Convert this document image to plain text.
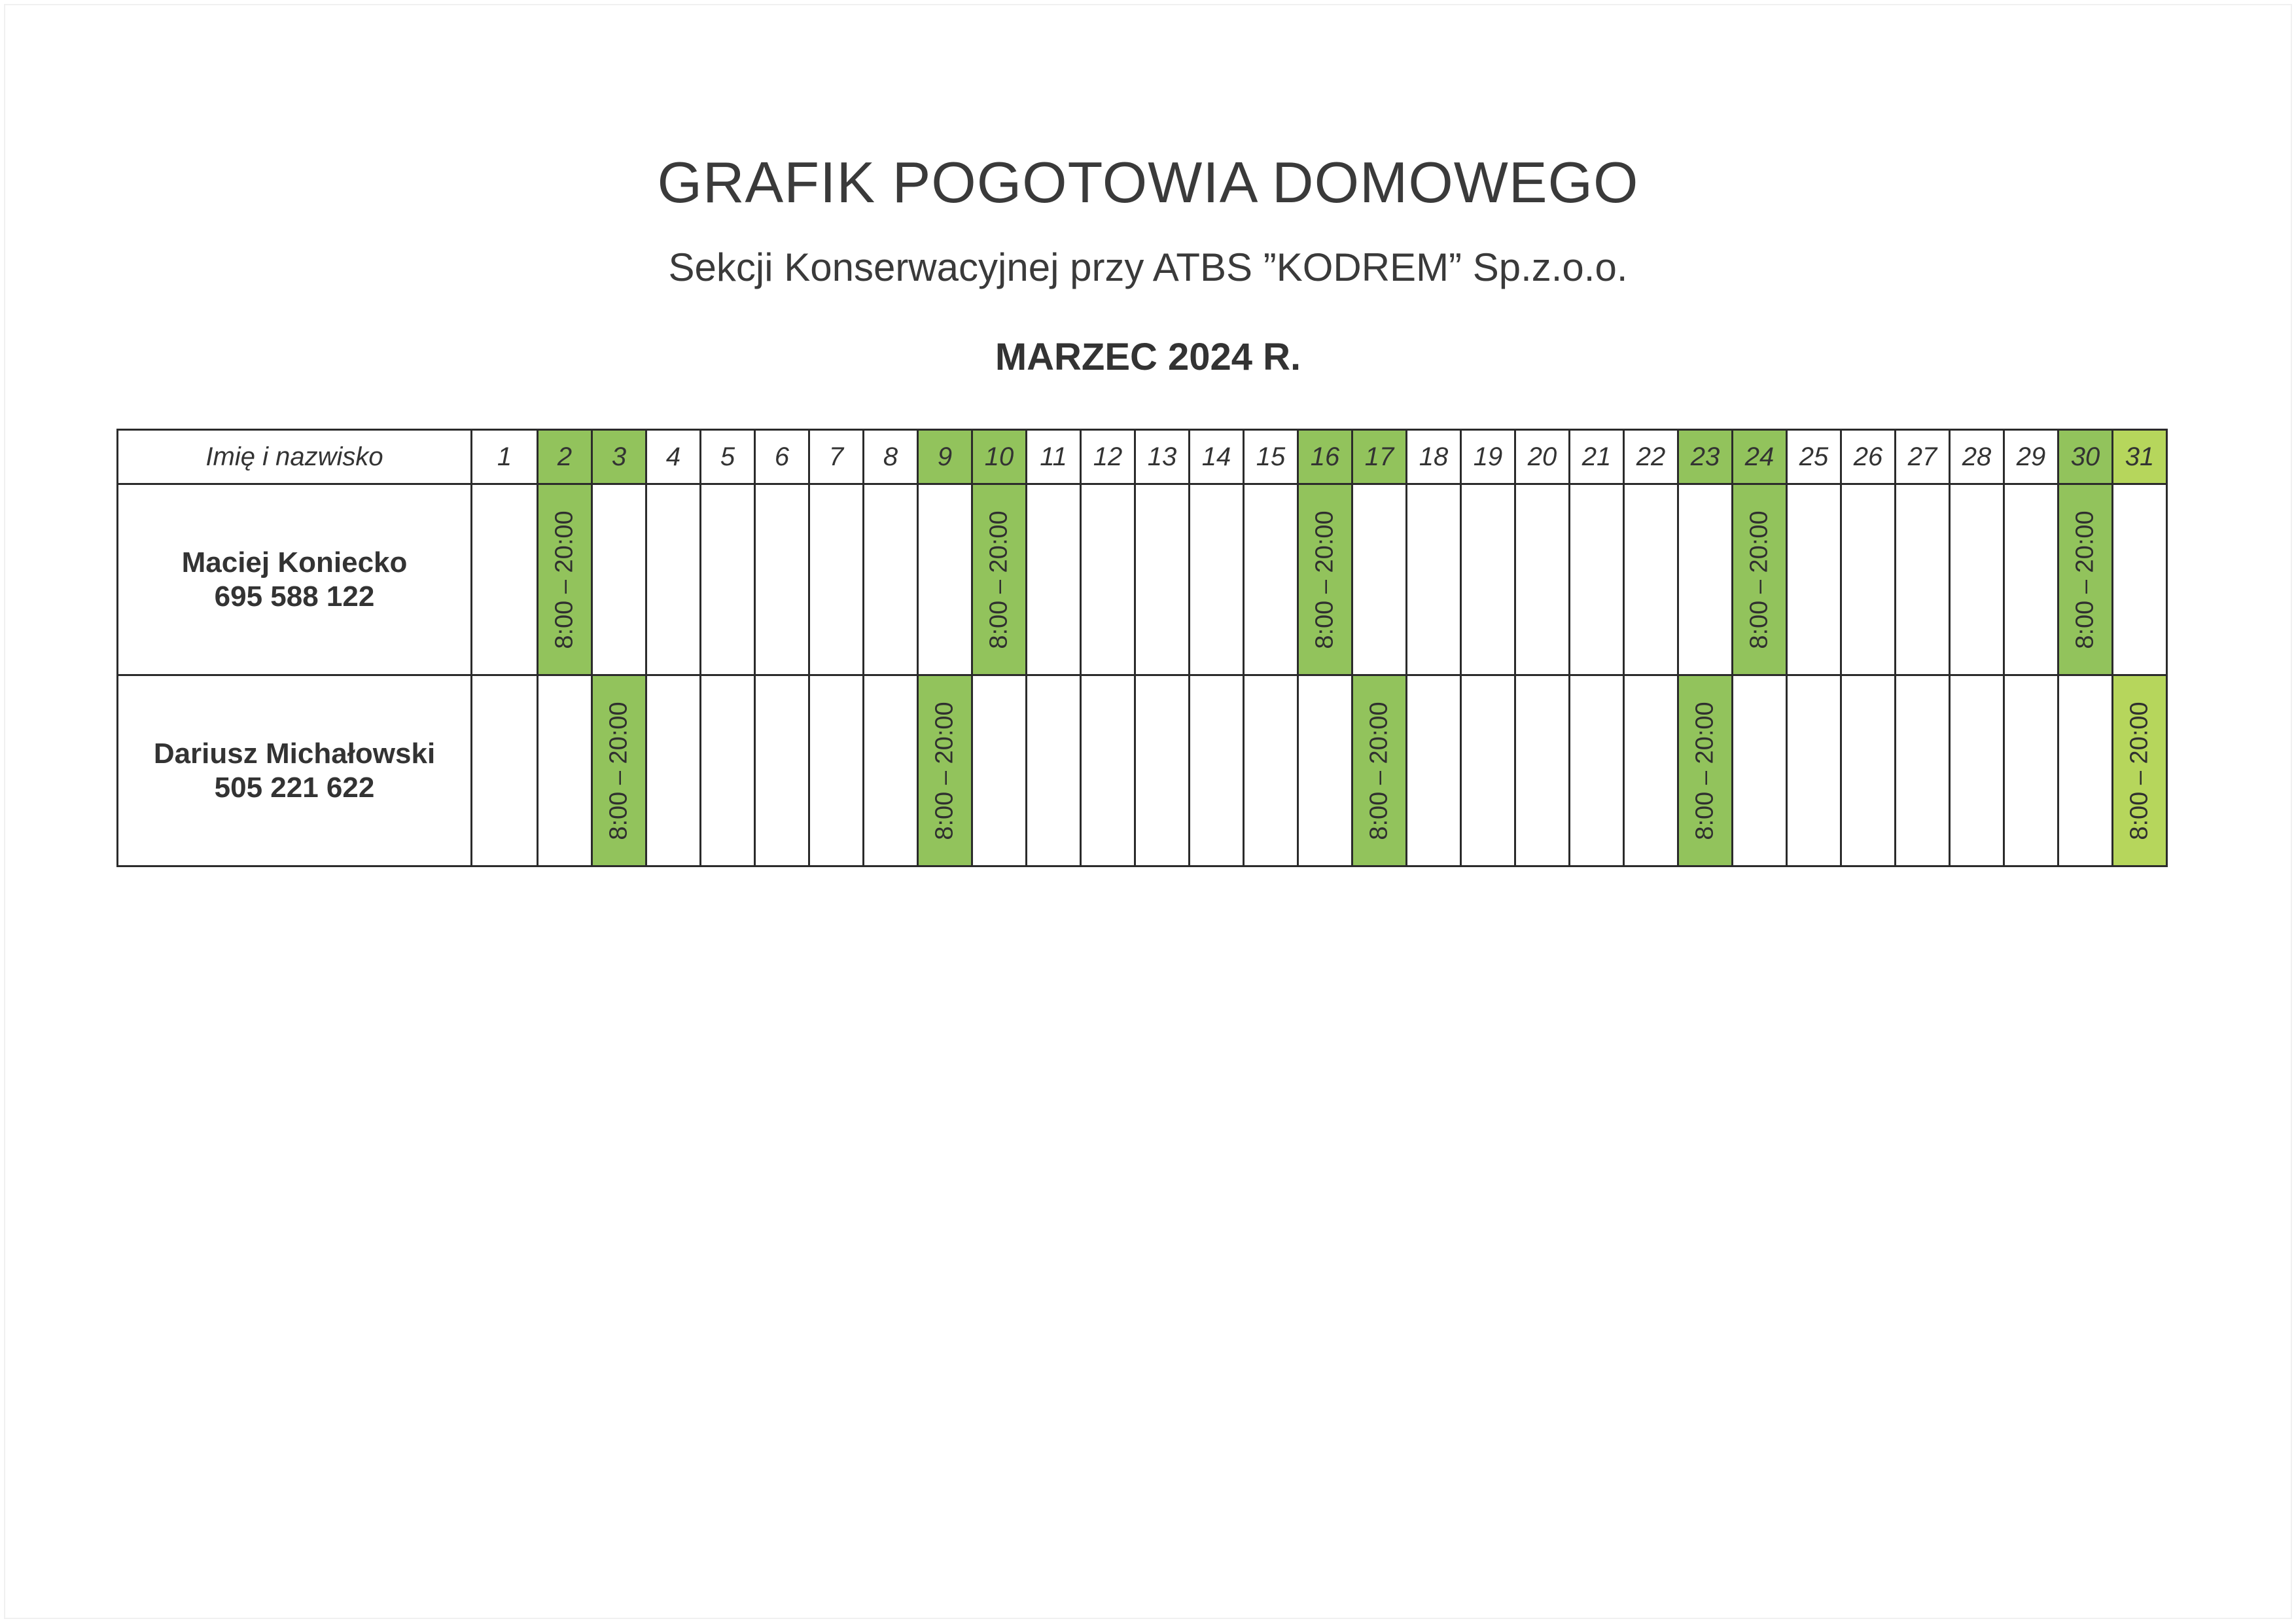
GRAFIK POGOTOWIA DOMOWEGO
Sekcji Konserwacyjnej przy ATBS ”KODREM” Sp.z.o.o.
MARZEC 2024 R.
Imię i nazwisko	1	2	3	4	5	6	7	8	9	10	11	12	13	14	15	16	17	18	19	20	21	22	23	24	25	26	27	28	29	30	31

Maciej Koniecko
695 588 122		8:00 – 20:00								8:00 – 20:00						8:00 – 20:00								8:00 – 20:00						8:00 – 20:00	

Dariusz Michałowski
505 221 622			8:00 – 20:00						8:00 – 20:00								8:00 – 20:00						8:00 – 20:00								8:00 – 20:00
